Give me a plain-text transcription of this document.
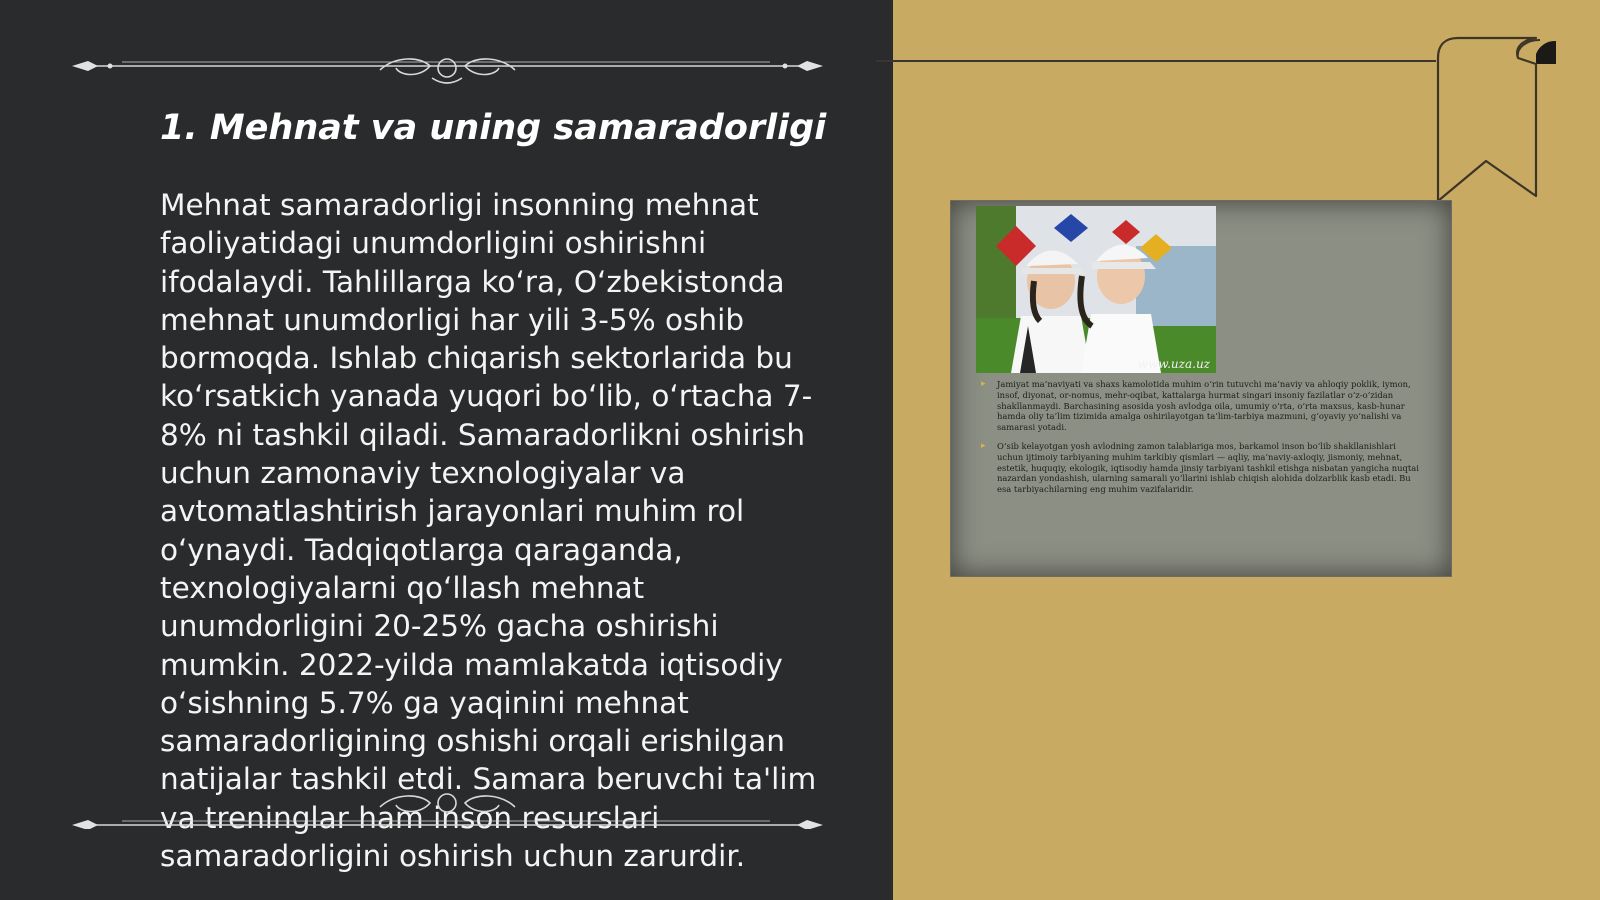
1. Mehnat va uning samaradorligi

Mehnat samaradorligi insonning mehnat faoliyatidagi unumdorligini oshirishni ifodalaydi. Tahlillarga ko‘ra, O‘zbekistonda mehnat unumdorligi har yili 3-5% oshib bormoqda. Ishlab chiqarish sektorlarida bu ko‘rsatkich yanada yuqori bo‘lib, o‘rtacha 7-8% ni tashkil qiladi. Samaradorlikni oshirish uchun zamonaviy texnologiyalar va avtomatlashtirish jarayonlari muhim rol o‘ynaydi. Tadqiqotlarga qaraganda, texnologiyalarni qo‘llash mehnat unumdorligini 20-25% gacha oshirishi mumkin. 2022-yilda mamlakatda iqtisodiy o‘sishning 5.7% ga yaqinini mehnat samaradorligining oshishi orqali erishilgan natijalar tashkil etdi. Samara beruvchi ta'lim va treninglar ham inson resurslari samaradorligini oshirish uchun zarurdir.

www.uza.uz
▸ Jamiyat ma’naviyati va shaxs kamolotida muhim o‘rin tutuvchi ma’naviy va ahloqiy poklik, iymon, insof, diyonat, or-nomus, mehr-oqibat, kattalarga hurmat singari insoniy fazilatlar o‘z-o‘zidan shakllanmaydi. Barchasining asosida yosh avlodga oila, umumiy o‘rta, o‘rta maxsus, kasb-hunar hamda oliy ta’lim tizimida amalga oshirilayotgan ta’lim-tarbiya mazmuni, g‘oyaviy yo‘nalishi va samarasi yotadi.
▸ O‘sib kelayotgan yosh avlodning zamon talablariga mos, barkamol inson bo‘lib shakllanishlari uchun ijtimoiy tarbiyaning muhim tarkibiy qismlari — aqliy, ma’naviy-axloqiy, jismoniy, mehnat, estetik, huquqiy, ekologik, iqtisodiy hamda jinsiy tarbiyani tashkil etishga nisbatan yangicha nuqtai nazardan yondashish, ularning samarali yo‘llarini ishlab chiqish alohida dolzarblik kasb etadi. Bu esa tarbiyachilarning eng muhim vazifalaridir.
